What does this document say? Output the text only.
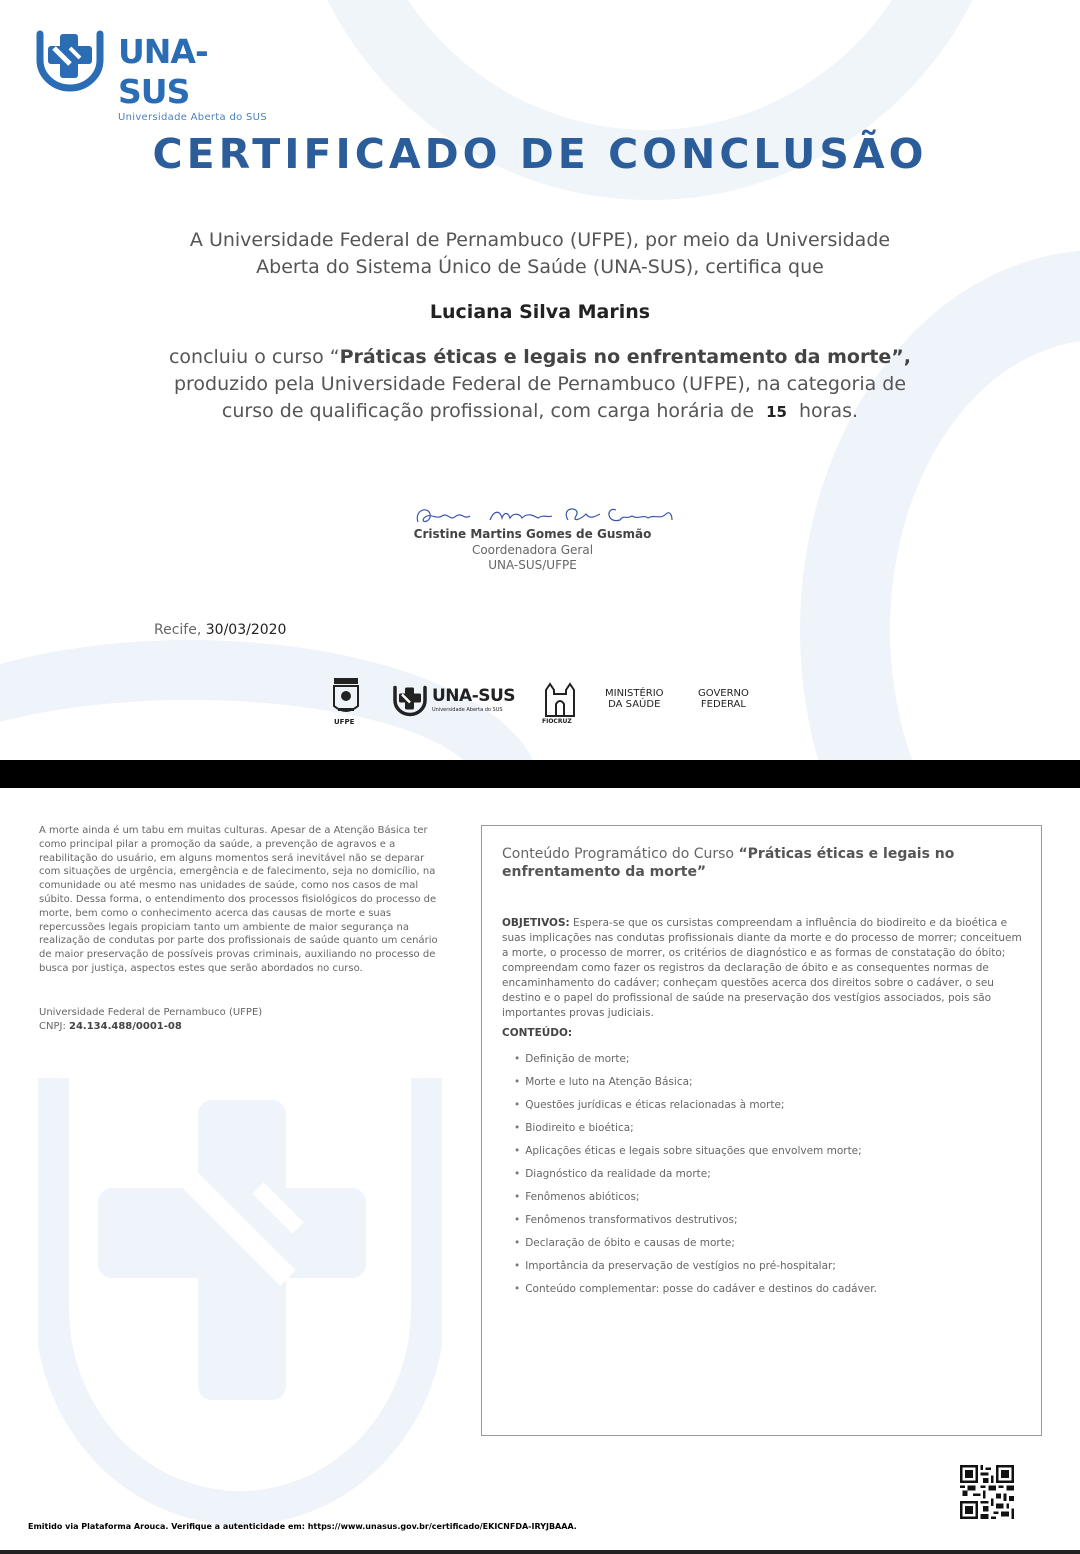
UNA-SUS
Universidade Aberta do SUS
CERTIFICADO DE CONCLUSÃO
A Universidade Federal de Pernambuco (UFPE), por meio da Universidade Aberta do Sistema Único de Saúde (UNA-SUS), certifica que
Luciana Silva Marins
concluiu o curso “Práticas éticas e legais no enfrentamento da morte”, produzido pela Universidade Federal de Pernambuco (UFPE), na categoria de curso de qualificação profissional, com carga horária de 15 horas.
Cristine Martins Gomes de Gusmão
Coordenadora Geral
UNA-SUS/UFPE
Recife, 30/03/2020
UFPE
UNA-SUS
Universidade Aberta do SUS
FIOCRUZ
MINISTÉRIO
DA SAÚDE
GOVERNO
FEDERAL
A morte ainda é um tabu em muitas culturas. Apesar de a Atenção Básica ter como principal pilar a promoção da saúde, a prevenção de agravos e a reabilitação do usuário, em alguns momentos será inevitável não se deparar com situações de urgência, emergência e de falecimento, seja no domicílio, na comunidade ou até mesmo nas unidades de saúde, como nos casos de mal súbito. Dessa forma, o entendimento dos processos fisiológicos do processo de morte, bem como o conhecimento acerca das causas de morte e suas repercussões legais propiciam tanto um ambiente de maior segurança na realização de condutas por parte dos profissionais de saúde quanto um cenário de maior preservação de possíveis provas criminais, auxiliando no processo de busca por justiça, aspectos estes que serão abordados no curso.
Universidade Federal de Pernambuco (UFPE)
CNPJ: 24.134.488/0001-08
Conteúdo Programático do Curso “Práticas éticas e legais no enfrentamento da morte”
OBJETIVOS: Espera-se que os cursistas compreendam a influência do biodireito e da bioética e suas implicações nas condutas profissionais diante da morte e do processo de morrer; conceituem a morte, o processo de morrer, os critérios de diagnóstico e as formas de constatação do óbito; compreendam como fazer os registros da declaração de óbito e as consequentes normas de encaminhamento do cadáver; conheçam questões acerca dos direitos sobre o cadáver, o seu destino e o papel do profissional de saúde na preservação dos vestígios associados, pois são importantes provas judiciais.
CONTEÚDO:
• Definição de morte;
• Morte e luto na Atenção Básica;
• Questões jurídicas e éticas relacionadas à morte;
• Biodireito e bioética;
• Aplicações éticas e legais sobre situações que envolvem morte;
• Diagnóstico da realidade da morte;
• Fenômenos abióticos;
• Fenômenos transformativos destrutivos;
• Declaração de óbito e causas de morte;
• Importância da preservação de vestígios no pré-hospitalar;
• Conteúdo complementar: posse do cadáver e destinos do cadáver.
Emitido via Plataforma Arouca. Verifique a autenticidade em: https://www.unasus.gov.br/certificado/EKICNFDA-IRYJBAAA.
